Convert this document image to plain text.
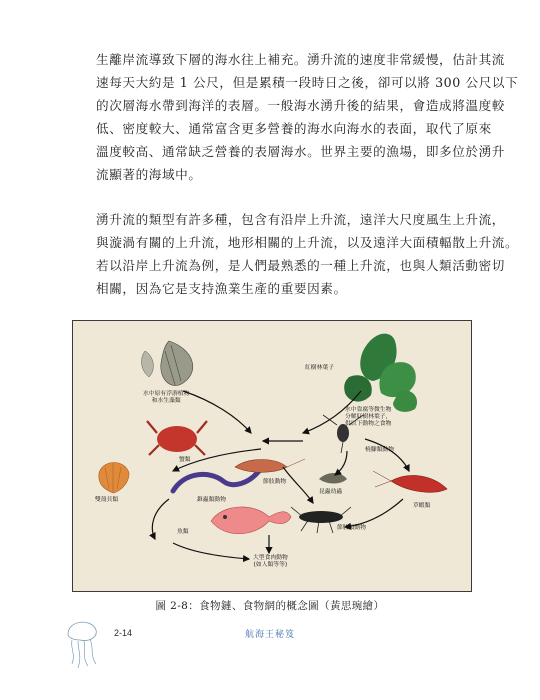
生離岸流導致下層的海水往上補充。湧升流的速度非常緩慢，估計其流
速每天大約是 1 公尺，但是累積一段時日之後，卻可以將 300 公尺以下
的次層海水帶到海洋的表層。一般海水湧升後的結果，會造成將溫度較
低、密度較大、通常富含更多營養的海水向海水的表面，取代了原來
溫度較高、通常缺乏營養的表層海水。世界主要的漁場，即多位於湧升
流顯著的海域中。

湧升流的類型有許多種，包含有沿岸上升流，遠洋大尺度風生上升流，
與漩渦有關的上升流，地形相關的上升流，以及遠洋大面積輻散上升流。
若以沿岸上升流為例，是人們最熟悉的一種上升流，也與人類活動密切
相關，因為它是支持漁業生產的重要因素。

水中原有浮游植物
和水生藻類
紅樹林葉子
水中靠腐等微生物
分解紅樹林葉子，
供以下動物之食物
蟹類
雙殼貝類	錐蟲類動物
節肢動物
橈腳類動物
昆蟲幼蟲
草蝦類
魚類
節肢類動物
大型食肉動物
(如人類等等)
圖 2-8：食物鏈、食物網的概念圖（黃思琬繪）
2-14	航海王秘笈
